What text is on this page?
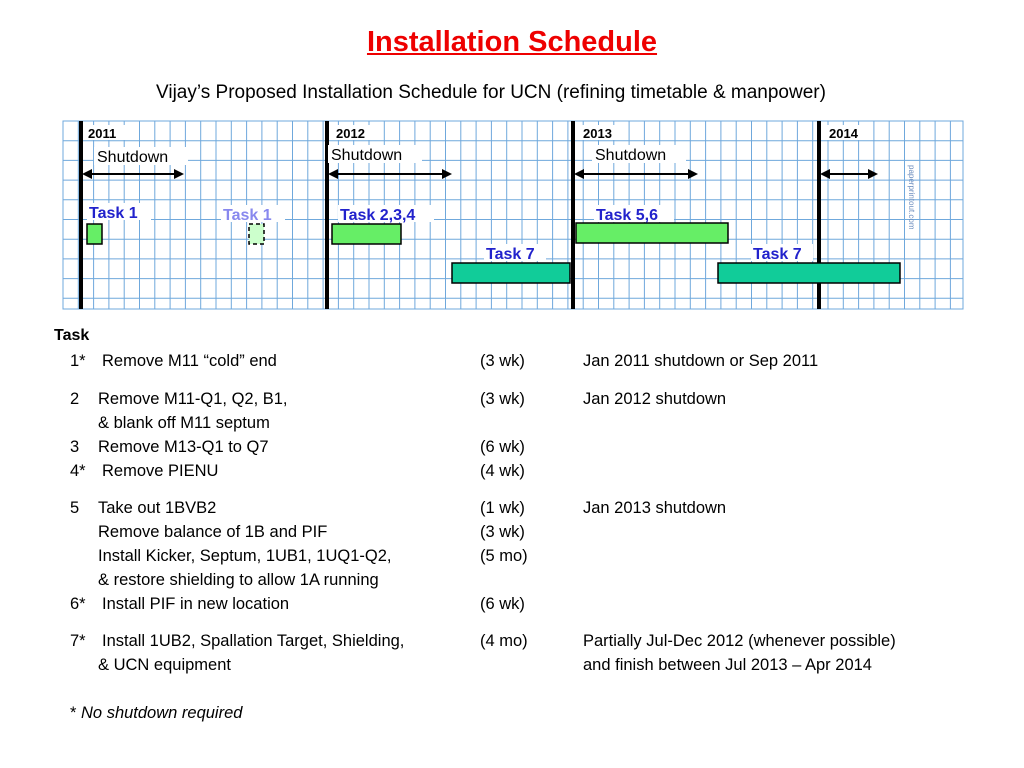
Installation Schedule
Vijay’s Proposed Installation Schedule for UCN (refining timetable & manpower)
2011	2012	2013	2014
Shutdown	Shutdown	Shutdown
Task 1	Task 1	Task 2,3,4	Task 5,6
Task 7	Task 7
paperprintout.com
Task
1* Remove M11 “cold” end	(3 wk)	Jan 2011 shutdown or Sep 2011
2 Remove M11-Q1, Q2, B1,	(3 wk)	Jan 2012 shutdown
& blank off M11 septum
3 Remove M13-Q1 to Q7	(6 wk)
4* Remove PIENU	(4 wk)
5 Take out 1BVB2	(1 wk)	Jan 2013 shutdown
Remove balance of 1B and PIF	(3 wk)
Install Kicker, Septum, 1UB1, 1UQ1-Q2,	(5 mo)
& restore shielding to allow 1A running
6* Install PIF in new location	(6 wk)
7* Install 1UB2, Spallation Target, Shielding,	(4 mo)	Partially Jul-Dec 2012 (whenever possible)
& UCN equipment	and finish between Jul 2013 – Apr 2014
* No shutdown required
